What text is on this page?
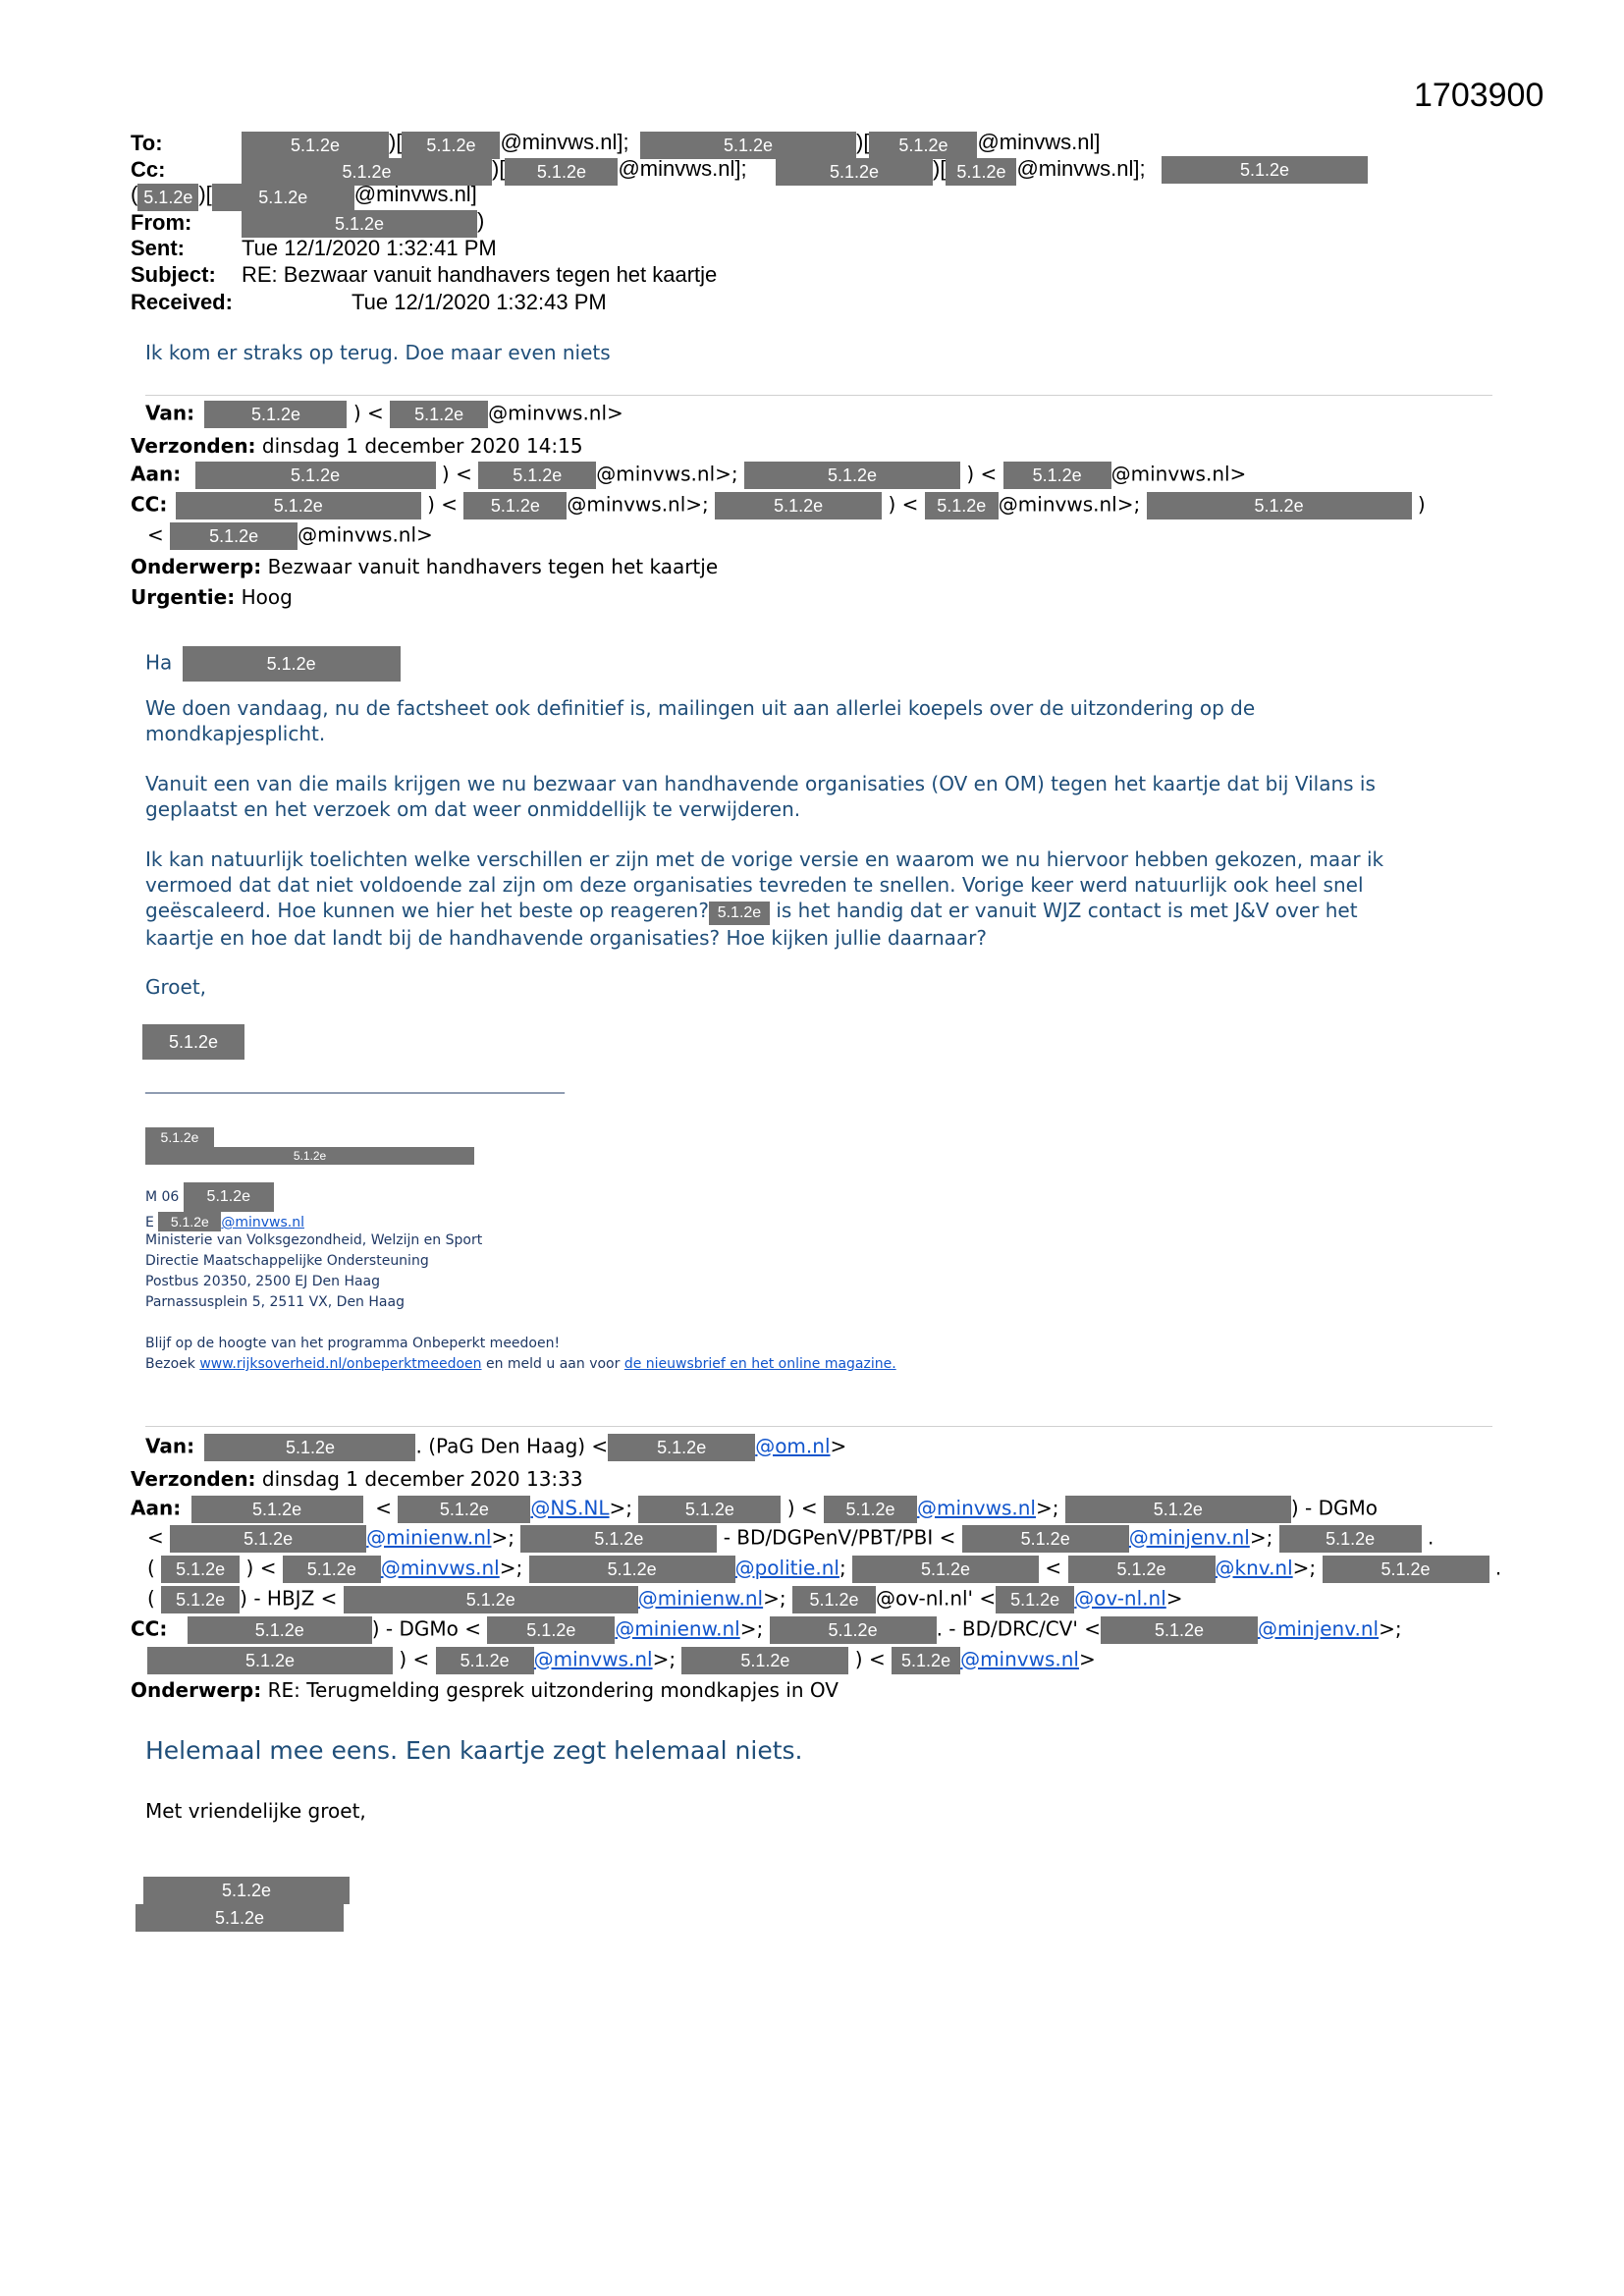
1703900
To:	5.1.2e )[ 5.1.2e @minvws.nl];	5.1.2e	)[ 5.1.2e @minvws.nl]
Cc:	5.1.2e	)[ 5.1.2e @minvws.nl];	5.1.2e )[ 5.1.2e @minvws.nl];	5.1.2e
( 5.1.2e )[	5.1.2e @minvws.nl]
From:	5.1.2e	)
Sent:	Tue 12/1/2020 1:32:41 PM
Subject: RE: Bezwaar vanuit handhavers tegen het kaartje
Received:	Tue 12/1/2020 1:32:43 PM
Ik kom er straks op terug. Doe maar even niets
Van:	5.1.2e ) < 5.1.2e @minvws.nl>
Verzonden: dinsdag 1 december 2020 14:15
Aan:	5.1.2e	) < 5.1.2e @minvws.nl>;	5.1.2e	) < 5.1.2e @minvws.nl>
CC:	5.1.2e	) < 5.1.2e @minvws.nl>;	5.1.2e	) < 5.1.2e @minvws.nl>;	5.1.2e	)
< 5.1.2e @minvws.nl>
Onderwerp: Bezwaar vanuit handhavers tegen het kaartje
Urgentie: Hoog
Ha	5.1.2e
We doen vandaag, nu de factsheet ook definitief is, mailingen uit aan allerlei koepels over de uitzondering op de
mondkapjesplicht.
Vanuit een van die mails krijgen we nu bezwaar van handhavende organisaties (OV en OM) tegen het kaartje dat bij Vilans is
geplaatst en het verzoek om dat weer onmiddellijk te verwijderen.
Ik kan natuurlijk toelichten welke verschillen er zijn met de vorige versie en waarom we nu hiervoor hebben gekozen, maar ik
vermoed dat dat niet voldoende zal zijn om deze organisaties tevreden te snellen. Vorige keer werd natuurlijk ook heel snel
geëscaleerd. Hoe kunnen we hier het beste op reageren? 5.1.2e is het handig dat er vanuit WJZ contact is met J&V over het
kaartje en hoe dat landt bij de handhavende organisaties? Hoe kijken jullie daarnaar?
Groet,
5.1.2e
_____________________________________________________________
5.1.2e
5.1.2e
M 06 5.1.2e
E 5.1.2e @minvws.nl
Ministerie van Volksgezondheid, Welzijn en Sport
Directie Maatschappelijke Ondersteuning
Postbus 20350, 2500 EJ Den Haag
Parnassusplein 5, 2511 VX, Den Haag
Blijf op de hoogte van het programma Onbeperkt meedoen!
Bezoek www.rijksoverheid.nl/onbeperktmeedoen en meld u aan voor de nieuwsbrief en het online magazine.
Van:	5.1.2e	. (PaG Den Haag) <	5.1.2e @om.nl>
Verzonden: dinsdag 1 december 2020 13:33
Aan:	5.1.2e	< 5.1.2e @NS.NL>;	5.1.2e ) < 5.1.2e @minvws.nl>;	5.1.2e	) - DGMo
<	5.1.2e	@minienw.nl>;	5.1.2e	- BD/DGPenV/PBT/PBI <	5.1.2e	@minjenv.nl>;	5.1.2e .
( 5.1.2e ) < 5.1.2e @minvws.nl>;	5.1.2e	@politie.nl;	5.1.2e	<	5.1.2e @knv.nl>;	5.1.2e	.
( 5.1.2e ) - HBJZ <	5.1.2e	@minienw.nl>; 5.1.2e @ov-nl.nl' < 5.1.2e @ov-nl.nl>
CC:	5.1.2e	) - DGMo <	5.1.2e @minienw.nl>;	5.1.2e	. - BD/DRC/CV' <	5.1.2e	@minjenv.nl>;
5.1.2e	) < 5.1.2e @minvws.nl>;	5.1.2e	) < 5.1.2e @minvws.nl>
Onderwerp: RE: Terugmelding gesprek uitzondering mondkapjes in OV
Helemaal mee eens. Een kaartje zegt helemaal niets.
Met vriendelijke groet,
5.1.2e
5.1.2e
